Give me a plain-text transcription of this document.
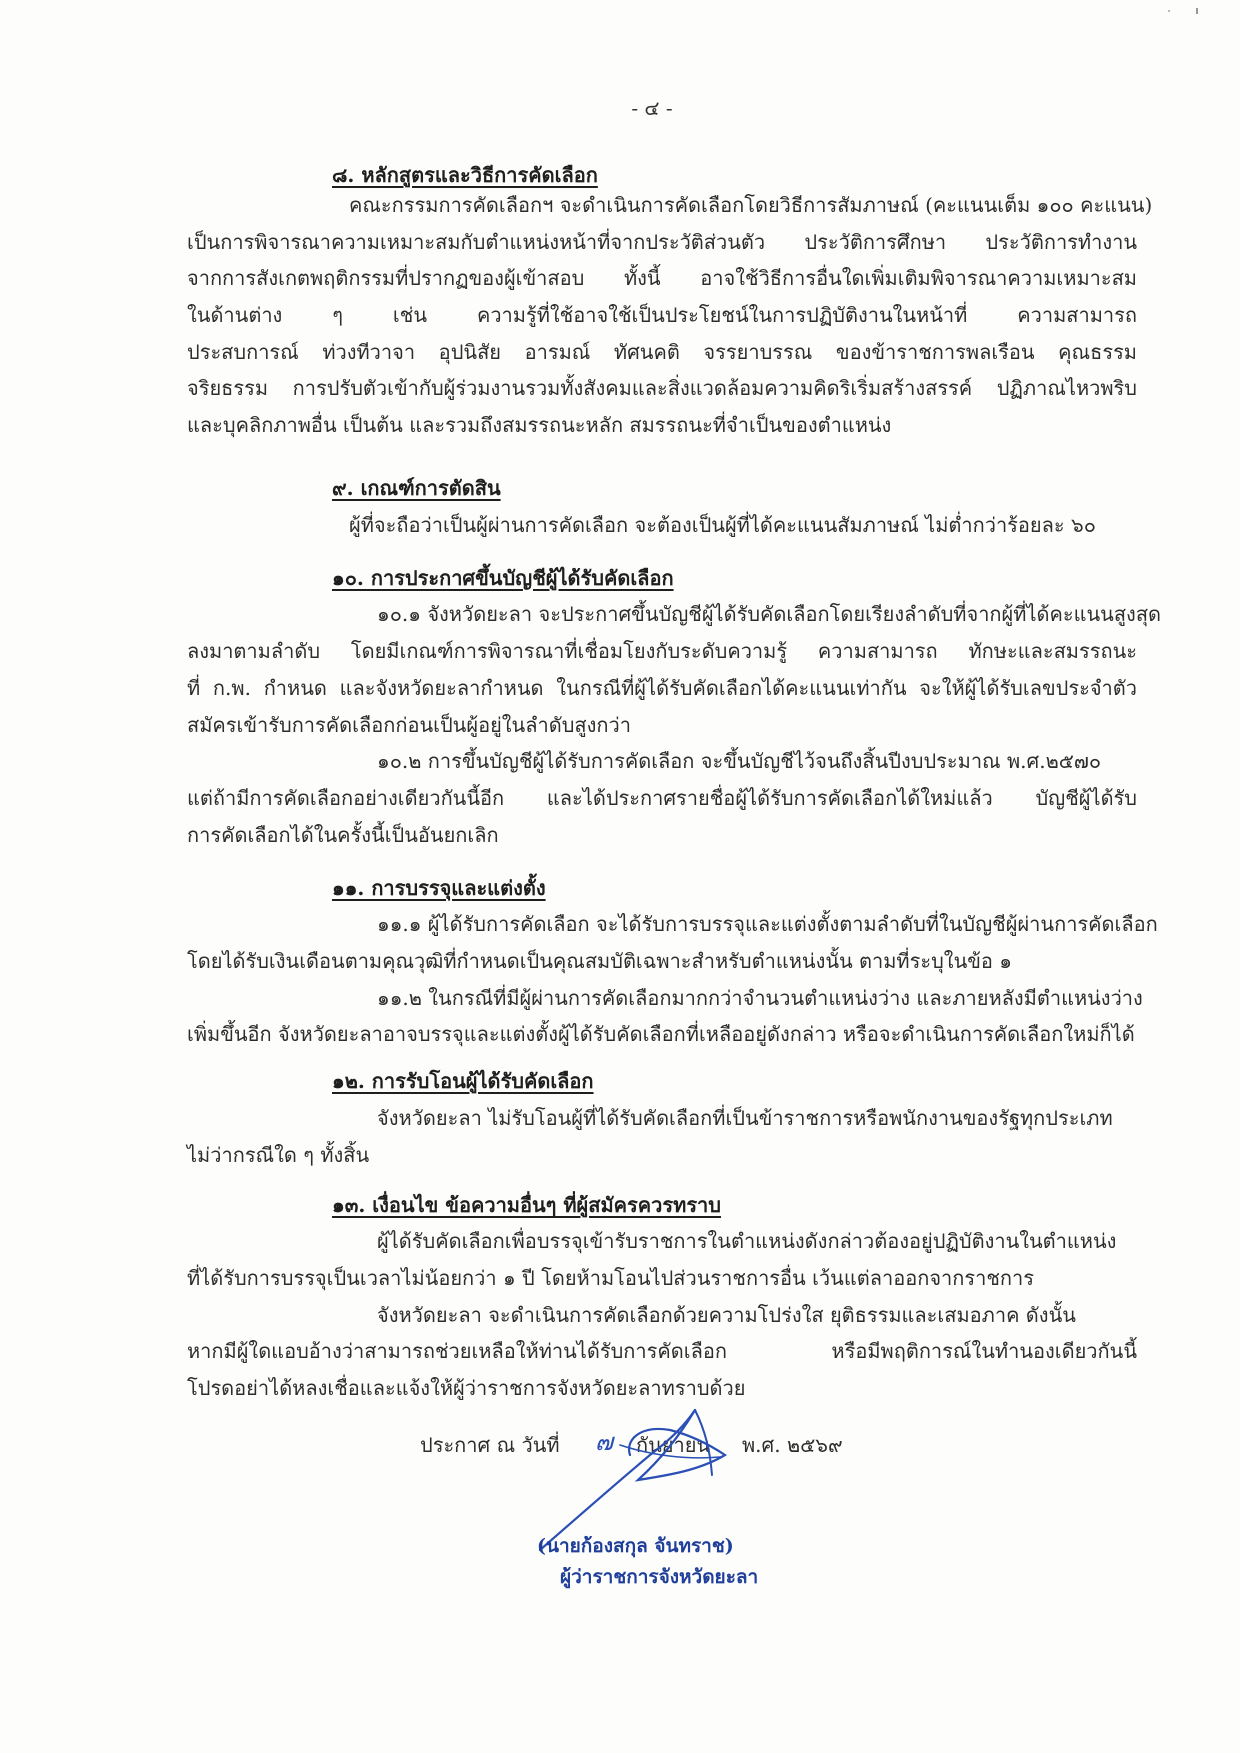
- ๔ -
๘. หลักสูตรและวิธีการคัดเลือก
คณะกรรมการคัดเลือกฯ จะดำเนินการคัดเลือกโดยวิธีการสัมภาษณ์ (คะแนนเต็ม ๑๐๐ คะแนน)
เป็นการพิจารณาความเหมาะสมกับตำแหน่งหน้าที่จากประวัติส่วนตัว ประวัติการศึกษา ประวัติการทำงาน
จากการสังเกตพฤติกรรมที่ปรากฏของผู้เข้าสอบ ทั้งนี้ อาจใช้วิธีการอื่นใดเพิ่มเติมพิจารณาความเหมาะสม
ในด้านต่าง ๆ เช่น ความรู้ที่ใช้อาจใช้เป็นประโยชน์ในการปฏิบัติงานในหน้าที่ ความสามารถ
ประสบการณ์ ท่วงทีวาจา อุปนิสัย อารมณ์ ทัศนคติ จรรยาบรรณ ของข้าราชการพลเรือน คุณธรรม
จริยธรรม การปรับตัวเข้ากับผู้ร่วมงานรวมทั้งสังคมและสิ่งแวดล้อมความคิดริเริ่มสร้างสรรค์ ปฏิภาณไหวพริบ
และบุคลิกภาพอื่น เป็นต้น และรวมถึงสมรรถนะหลัก สมรรถนะที่จำเป็นของตำแหน่ง
๙. เกณฑ์การตัดสิน
ผู้ที่จะถือว่าเป็นผู้ผ่านการคัดเลือก จะต้องเป็นผู้ที่ได้คะแนนสัมภาษณ์ ไม่ต่ำกว่าร้อยละ ๖๐
๑๐. การประกาศขึ้นบัญชีผู้ได้รับคัดเลือก
๑๐.๑ จังหวัดยะลา จะประกาศขึ้นบัญชีผู้ได้รับคัดเลือกโดยเรียงลำดับที่จากผู้ที่ได้คะแนนสูงสุด
ลงมาตามลำดับ โดยมีเกณฑ์การพิจารณาที่เชื่อมโยงกับระดับความรู้ ความสามารถ ทักษะและสมรรถนะ
ที่ ก.พ. กำหนด และจังหวัดยะลากำหนด ในกรณีที่ผู้ได้รับคัดเลือกได้คะแนนเท่ากัน จะให้ผู้ได้รับเลขประจำตัว
สมัครเข้ารับการคัดเลือกก่อนเป็นผู้อยู่ในลำดับสูงกว่า
๑๐.๒ การขึ้นบัญชีผู้ได้รับการคัดเลือก จะขึ้นบัญชีไว้จนถึงสิ้นปีงบประมาณ พ.ศ.๒๕๗๐
แต่ถ้ามีการคัดเลือกอย่างเดียวกันนี้อีก และได้ประกาศรายชื่อผู้ได้รับการคัดเลือกได้ใหม่แล้ว บัญชีผู้ได้รับ
การคัดเลือกได้ในครั้งนี้เป็นอันยกเลิก
๑๑. การบรรจุและแต่งตั้ง
๑๑.๑ ผู้ได้รับการคัดเลือก จะได้รับการบรรจุและแต่งตั้งตามลำดับที่ในบัญชีผู้ผ่านการคัดเลือก
โดยได้รับเงินเดือนตามคุณวุฒิที่กำหนดเป็นคุณสมบัติเฉพาะสำหรับตำแหน่งนั้น ตามที่ระบุในข้อ ๑
๑๑.๒ ในกรณีที่มีผู้ผ่านการคัดเลือกมากกว่าจำนวนตำแหน่งว่าง และภายหลังมีตำแหน่งว่าง
เพิ่มขึ้นอีก จังหวัดยะลาอาจบรรจุและแต่งตั้งผู้ได้รับคัดเลือกที่เหลืออยู่ดังกล่าว หรือจะดำเนินการคัดเลือกใหม่ก็ได้
๑๒. การรับโอนผู้ได้รับคัดเลือก
จังหวัดยะลา ไม่รับโอนผู้ที่ได้รับคัดเลือกที่เป็นข้าราชการหรือพนักงานของรัฐทุกประเภท
ไม่ว่ากรณีใด ๆ ทั้งสิ้น
๑๓. เงื่อนไข ข้อความอื่นๆ ที่ผู้สมัครควรทราบ
ผู้ได้รับคัดเลือกเพื่อบรรจุเข้ารับราชการในตำแหน่งดังกล่าวต้องอยู่ปฏิบัติงานในตำแหน่ง
ที่ได้รับการบรรจุเป็นเวลาไม่น้อยกว่า ๑ ปี โดยห้ามโอนไปส่วนราชการอื่น เว้นแต่ลาออกจากราชการ
จังหวัดยะลา จะดำเนินการคัดเลือกด้วยความโปร่งใส ยุติธรรมและเสมอภาค ดังนั้น
หากมีผู้ใดแอบอ้างว่าสามารถช่วยเหลือให้ท่านได้รับการคัดเลือก หรือมีพฤติการณ์ในทำนองเดียวกันนี้
โปรดอย่าได้หลงเชื่อและแจ้งให้ผู้ว่าราชการจังหวัดยะลาทราบด้วย
ประกาศ ณ วันที่ ๗ กันยายน พ.ศ. ๒๕๖๙
(นายก้องสกุล จันทราช)
ผู้ว่าราชการจังหวัดยะลา
